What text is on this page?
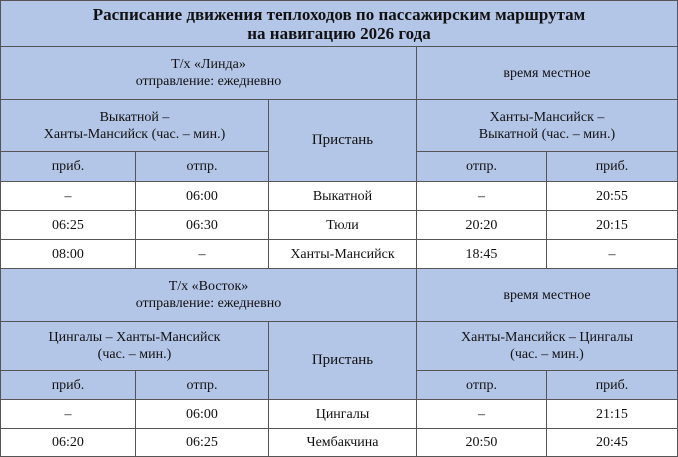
Расписание движения теплоходов по пассажирским маршрутам
на навигацию 2026 года				

Т/х «Линда»
отправление: ежедневно			время местное	

Выкатной –
Ханты-Мансийск (час. – мин.)		Пристань	Ханты-Мансийск –
Выкатной (час. – мин.)	

приб.	отпр.		отпр.	приб.
–	06:00	Выкатной	–	20:55
06:25	06:30	Тюли	20:20	20:15
08:00	–	Ханты-Мансийск	18:45	–

Т/х «Восток»
отправление: ежедневно			время местное	

Цингалы – Ханты-Мансийск
(час. – мин.)		Пристань	Ханты-Мансийск – Цингалы
(час. – мин.)	

приб.	отпр.		отпр.	приб.
–	06:00	Цингалы	–	21:15
06:20	06:25	Чембакчина	20:50	20:45
